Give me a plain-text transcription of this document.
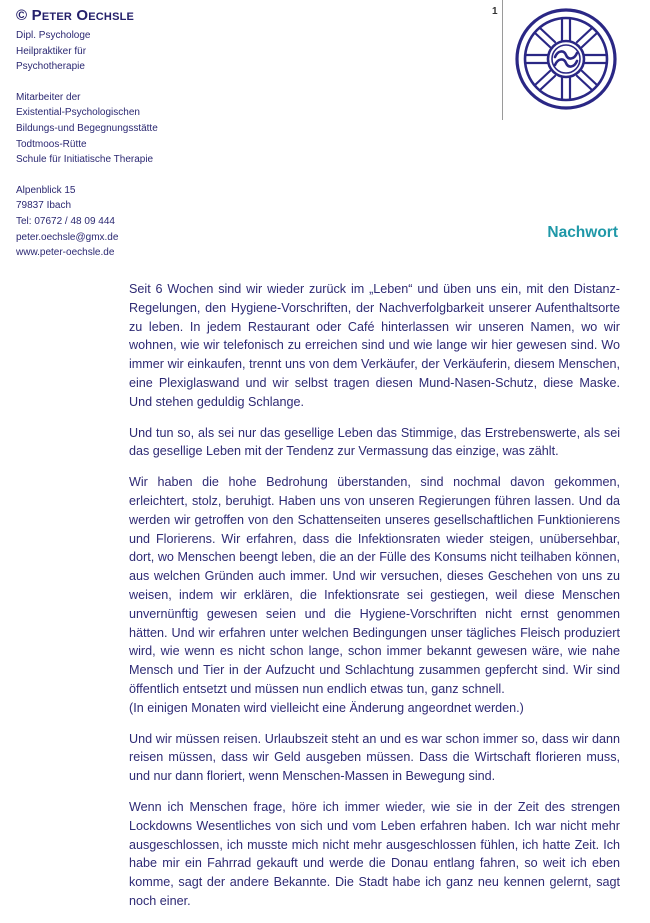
© PETER OECHSLE
Dipl. Psychologe
Heilpraktiker für
Psychotherapie
Mitarbeiter der
Existential-Psychologischen
Bildungs-und Begegnungsstätte
Todtmoos-Rütte
Schule für Initiatische Therapie
Alpenblick 15
79837 Ibach
Tel: 07672 / 48 09 444
peter.oechsle@gmx.de
www.peter-oechsle.de
1
Nachwort

Seit 6 Wochen sind wir wieder zurück im „Leben“ und üben uns ein, mit den Distanz-Regelungen, den Hygiene-Vorschriften, der Nachverfolgbarkeit unserer Aufenthaltsorte zu leben. In jedem Restaurant oder Café hinterlassen wir unseren Namen, wo wir wohnen, wie wir telefonisch zu erreichen sind und wie lange wir hier gewesen sind. Wo immer wir einkaufen, trennt uns von dem Verkäufer, der Verkäuferin, diesem Menschen, eine Plexiglaswand und wir selbst tragen diesen Mund-Nasen-Schutz, diese Maske. Und stehen geduldig Schlange.

Und tun so, als sei nur das gesellige Leben das Stimmige, das Erstrebenswerte, als sei das gesellige Leben mit der Tendenz zur Vermassung das einzige, was zählt.

Wir haben die hohe Bedrohung überstanden, sind nochmal davon gekommen, erleichtert, stolz, beruhigt. Haben uns von unseren Regierungen führen lassen. Und da werden wir getroffen von den Schattenseiten unseres gesellschaftlichen Funktionierens und Florierens. Wir erfahren, dass die Infektionsraten wieder steigen, unübersehbar, dort, wo Menschen beengt leben, die an der Fülle des Konsums nicht teilhaben können, aus welchen Gründen auch immer. Und wir versuchen, dieses Geschehen von uns zu weisen, indem wir erklären, die Infektionsrate sei gestiegen, weil diese Menschen unvernünftig gewesen seien und die Hygiene-Vorschriften nicht ernst genommen hätten. Und wir erfahren unter welchen Bedingungen unser tägliches Fleisch produziert wird, wie wenn es nicht schon lange, schon immer bekannt gewesen wäre, wie nahe Mensch und Tier in der Aufzucht und Schlachtung zusammen gepfercht sind. Wir sind öffentlich entsetzt und müssen nun endlich etwas tun, ganz schnell.
(In einigen Monaten wird vielleicht eine Änderung angeordnet werden.)

Und wir müssen reisen. Urlaubszeit steht an und es war schon immer so, dass wir dann reisen müssen, dass wir Geld ausgeben müssen. Dass die Wirtschaft florieren muss, und nur dann floriert, wenn Menschen-Massen in Bewegung sind.

Wenn ich Menschen frage, höre ich immer wieder, wie sie in der Zeit des strengen Lockdowns Wesentliches von sich und vom Leben erfahren haben. Ich war nicht mehr ausgeschlossen, ich musste mich nicht mehr ausgeschlossen fühlen, ich hatte Zeit. Ich habe mir ein Fahrrad gekauft und werde die Donau entlang fahren, so weit ich eben komme, sagt der andere Bekannte. Die Stadt habe ich ganz neu kennen gelernt, sagt noch einer.
